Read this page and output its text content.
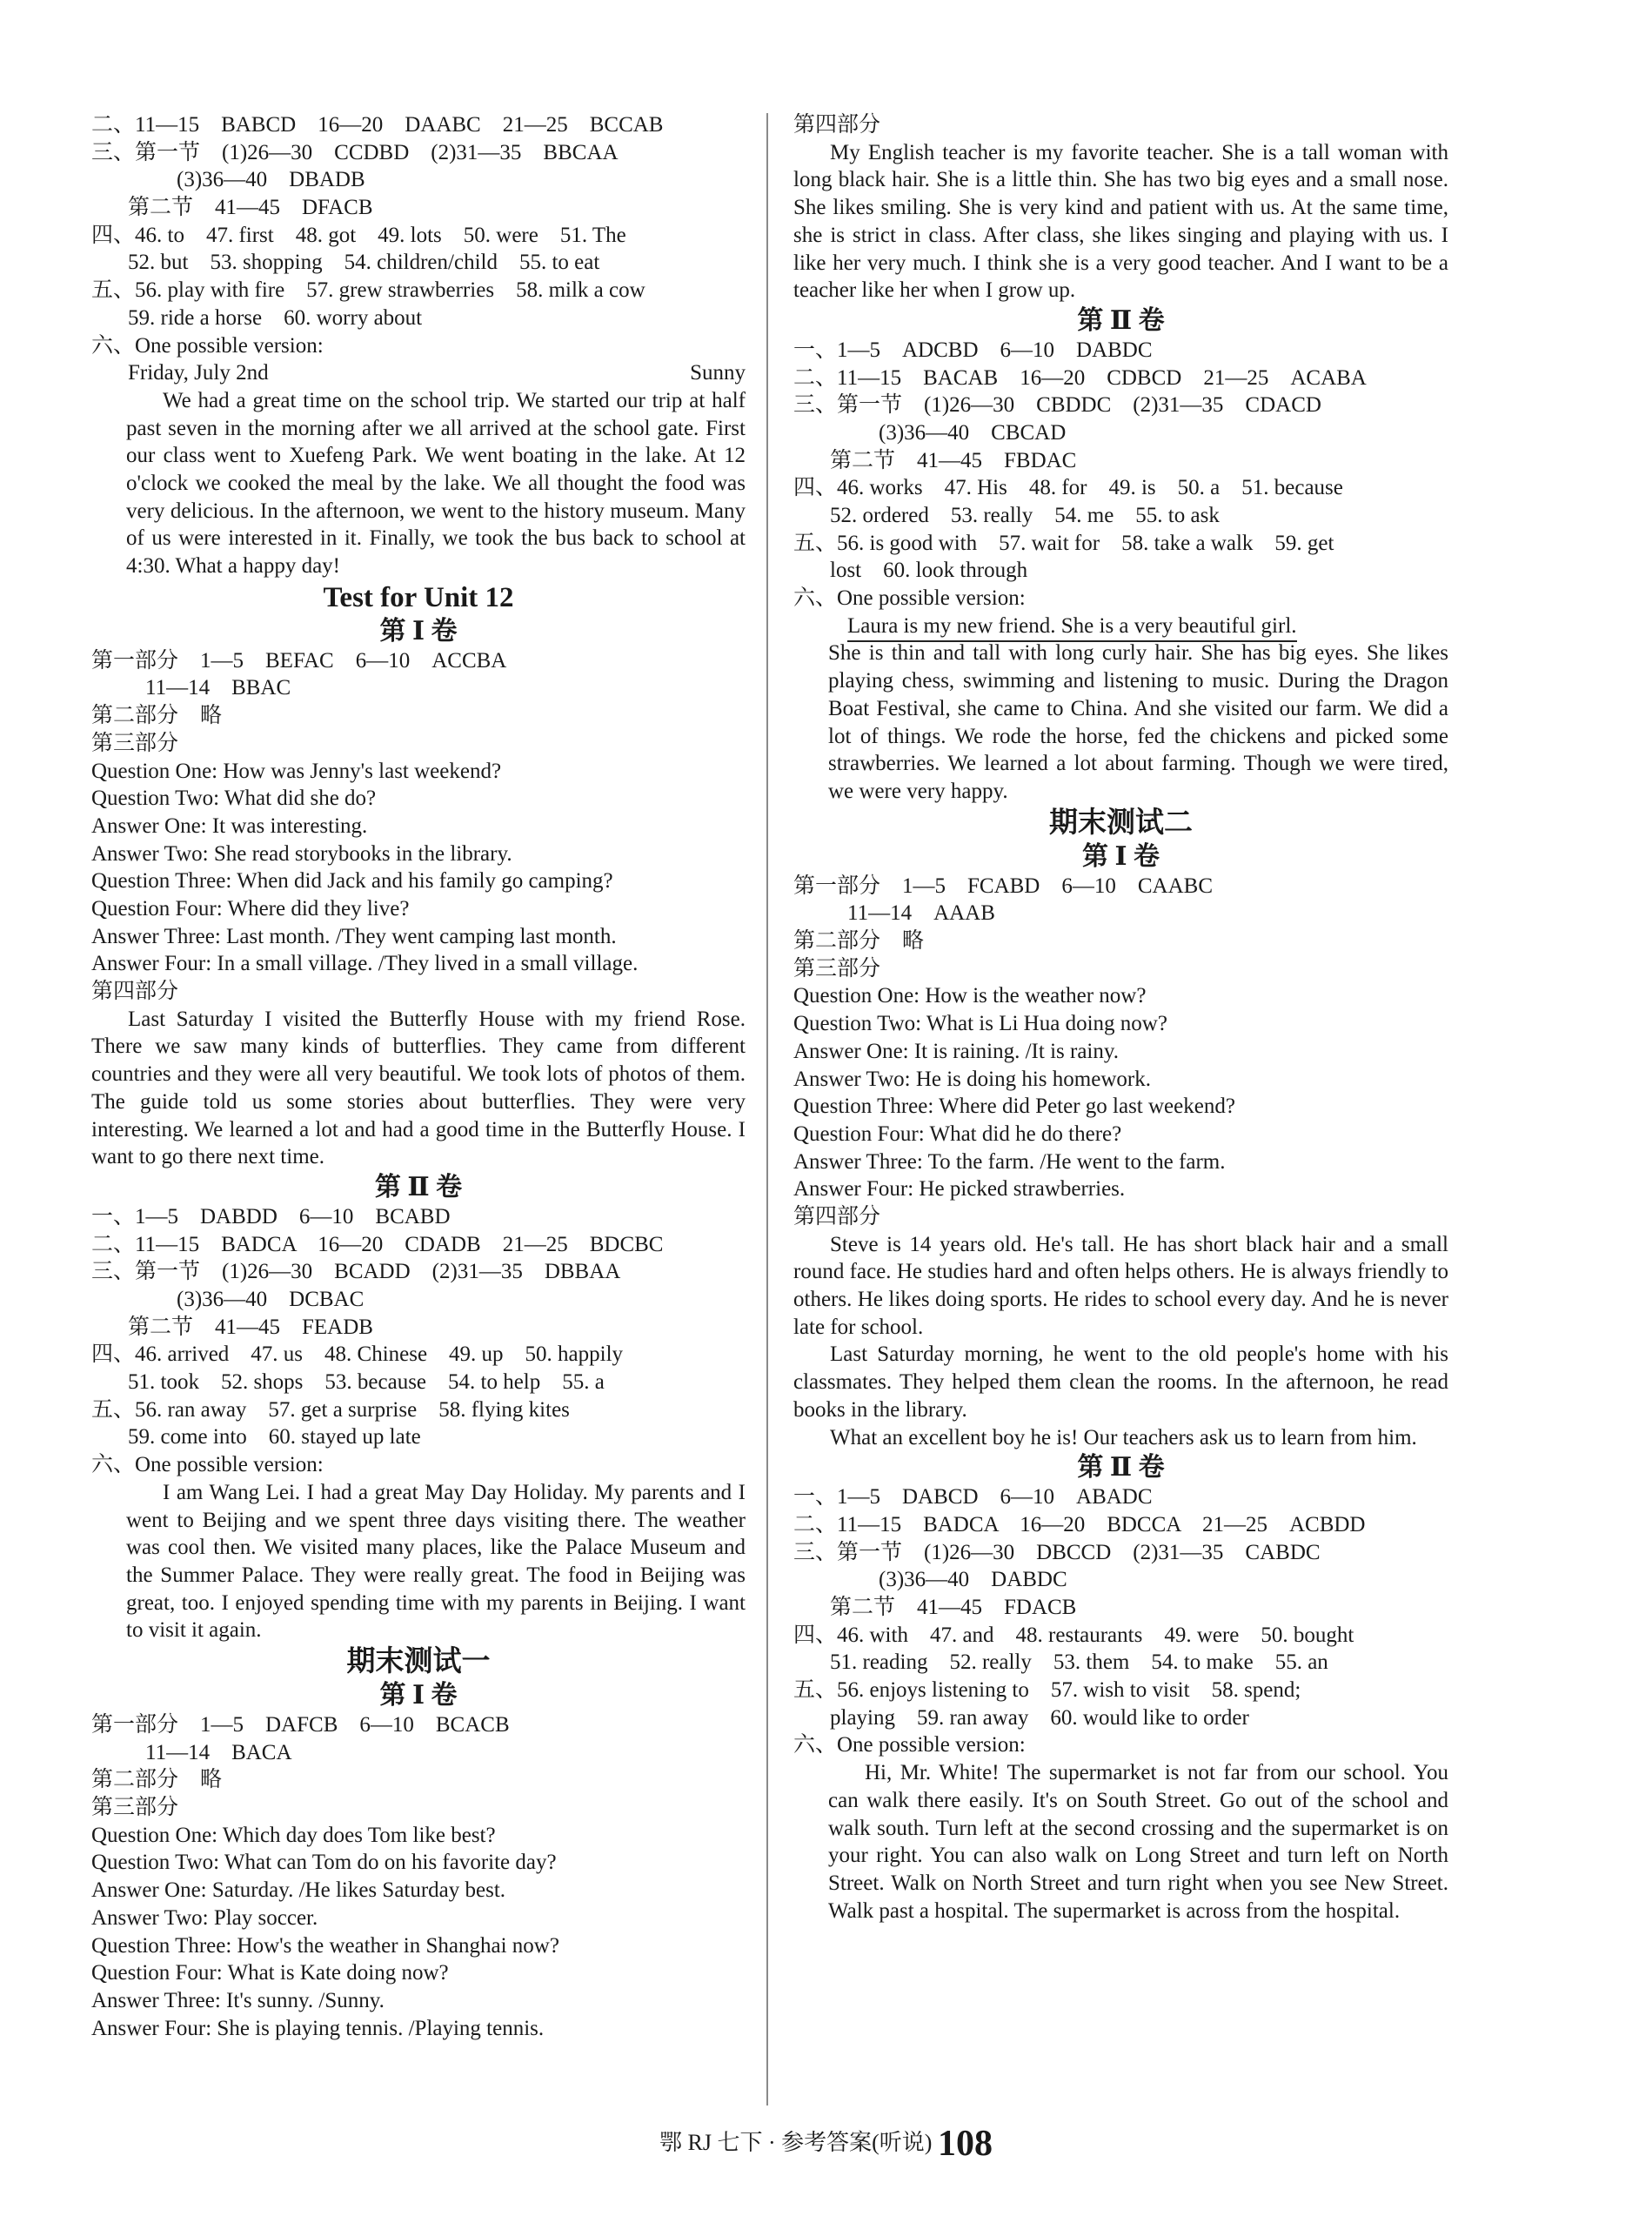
二、11—15　BABCD　16—20　DAABC　21—25　BCCAB
三、第一节　(1)26—30　CCDBD　(2)31—35　BBCAA
(3)36—40　DBADB
第二节　41—45　DFACB
四、46. to　47. first　48. got　49. lots　50. were　51. The
52. but　53. shopping　54. children/child　55. to eat
五、56. play with fire　57. grew strawberries　58. milk a cow
59. ride a horse　60. worry about
六、One possible version:
Friday, July 2nd	Sunny

We had a great time on the school trip. We started our trip at half past seven in the morning after we all arrived at the school gate. First our class went to Xuefeng Park. We went boating in the lake. At 12 o'clock we cooked the meal by the lake. We all thought the food was very delicious. In the afternoon, we went to the history museum. Many of us were interested in it. Finally, we took the bus back to school at 4:30. What a happy day!

Test for Unit 12
第 Ⅰ 卷
第一部分　1—5　BEFAC　6—10　ACCBA
11—14　BBAC
第二部分　略
第三部分
Question One: How was Jenny's last weekend?
Question Two: What did she do?
Answer One: It was interesting.
Answer Two: She read storybooks in the library.
Question Three: When did Jack and his family go camping?
Question Four: Where did they live?
Answer Three: Last month. /They went camping last month.
Answer Four: In a small village. /They lived in a small village.
第四部分

Last Saturday I visited the Butterfly House with my friend Rose. There we saw many kinds of butterflies. They came from different countries and they were all very beautiful. We took lots of photos of them. The guide told us some stories about butterflies. They were very interesting. We learned a lot and had a good time in the Butterfly House. I want to go there next time.

第 Ⅱ 卷
一、1—5　DABDD　6—10　BCABD
二、11—15　BADCA　16—20　CDADB　21—25　BDCBC
三、第一节　(1)26—30　BCADD　(2)31—35　DBBAA
(3)36—40　DCBAC
第二节　41—45　FEADB
四、46. arrived　47. us　48. Chinese　49. up　50. happily
51. took　52. shops　53. because　54. to help　55. a
五、56. ran away　57. get a surprise　58. flying kites
59. come into　60. stayed up late
六、One possible version:

I am Wang Lei. I had a great May Day Holiday. My parents and I went to Beijing and we spent three days visiting there. The weather was cool then. We visited many places, like the Palace Museum and the Summer Palace. They were really great. The food in Beijing was great, too. I enjoyed spending time with my parents in Beijing. I want to visit it again.

期末测试一
第 Ⅰ 卷
第一部分　1—5　DAFCB　6—10　BCACB
11—14　BACA
第二部分　略
第三部分
Question One: Which day does Tom like best?
Question Two: What can Tom do on his favorite day?
Answer One: Saturday. /He likes Saturday best.
Answer Two: Play soccer.
Question Three: How's the weather in Shanghai now?
Question Four: What is Kate doing now?
Answer Three: It's sunny. /Sunny.
Answer Four: She is playing tennis. /Playing tennis.
第四部分

My English teacher is my favorite teacher. She is a tall woman with long black hair. She is a little thin. She has two big eyes and a small nose. She likes smiling. She is very kind and patient with us. At the same time, she is strict in class. After class, she likes singing and playing with us. I like her very much. I think she is a very good teacher. And I want to be a teacher like her when I grow up.

第 Ⅱ 卷
一、1—5　ADCBD　6—10　DABDC
二、11—15　BACAB　16—20　CDBCD　21—25　ACABA
三、第一节　(1)26—30　CBDDC　(2)31—35　CDACD
(3)36—40　CBCAD
第二节　41—45　FBDAC
四、46. works　47. His　48. for　49. is　50. a　51. because
52. ordered　53. really　54. me　55. to ask
五、56. is good with　57. wait for　58. take a walk　59. get
lost　60. look through
六、One possible version:
Laura is my new friend. She is a very beautiful girl.

She is thin and tall with long curly hair. She has big eyes. She likes playing chess, swimming and listening to music. During the Dragon Boat Festival, she came to China. And she visited our farm. We did a lot of things. We rode the horse, fed the chickens and picked some strawberries. We learned a lot about farming. Though we were tired, we were very happy.

期末测试二
第 Ⅰ 卷
第一部分　1—5　FCABD　6—10　CAABC
11—14　AAAB
第二部分　略
第三部分
Question One: How is the weather now?
Question Two: What is Li Hua doing now?
Answer One: It is raining. /It is rainy.
Answer Two: He is doing his homework.
Question Three: Where did Peter go last weekend?
Question Four: What did he do there?
Answer Three: To the farm. /He went to the farm.
Answer Four: He picked strawberries.
第四部分

Steve is 14 years old. He's tall. He has short black hair and a small round face. He studies hard and often helps others. He is always friendly to others. He likes doing sports. He rides to school every day. And he is never late for school.

Last Saturday morning, he went to the old people's home with his classmates. They helped them clean the rooms. In the afternoon, he read books in the library.

What an excellent boy he is! Our teachers ask us to learn from him.

第 Ⅱ 卷
一、1—5　DABCD　6—10　ABADC
二、11—15　BADCA　16—20　BDCCA　21—25　ACBDD
三、第一节　(1)26—30　DBCCD　(2)31—35　CABDC
(3)36—40　DABDC
第二节　41—45　FDACB
四、46. with　47. and　48. restaurants　49. were　50. bought
51. reading　52. really　53. them　54. to make　55. an
五、56. enjoys listening to　57. wish to visit　58. spend;
playing　59. ran away　60. would like to order
六、One possible version:

Hi, Mr. White! The supermarket is not far from our school. You can walk there easily. It's on South Street. Go out of the school and walk south. Turn left at the second crossing and the supermarket is on your right. You can also walk on Long Street and turn left on North Street. Walk on North Street and turn right when you see New Street. Walk past a hospital. The supermarket is across from the hospital.

鄂 RJ 七下 · 参考答案(听说) 108
